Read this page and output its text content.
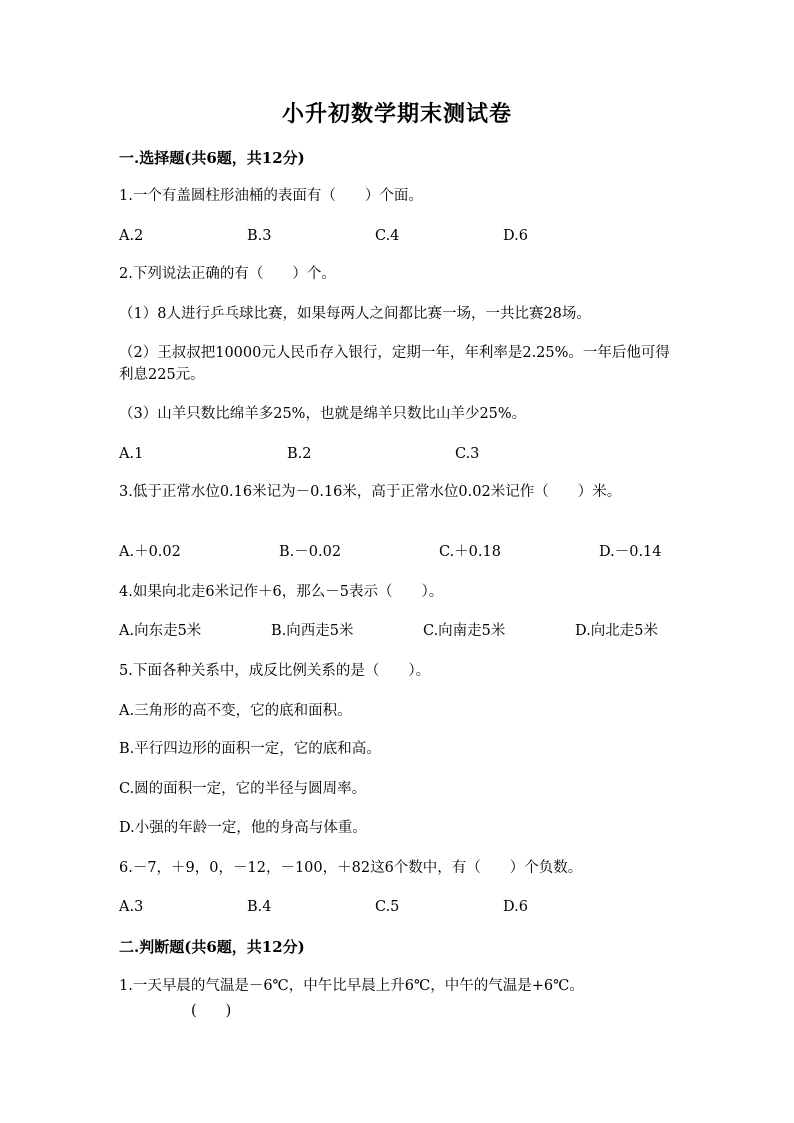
小升初数学期末测试卷
一.选择题(共6题，共12分)
1.一个有盖圆柱形油桶的表面有（　　）个面。
A.2	B.3	C.4	D.6
2.下列说法正确的有（　　）个。
（1）8人进行乒乓球比赛，如果每两人之间都比赛一场，一共比赛28场。
（2）王叔叔把10000元人民币存入银行，定期一年，年利率是2.25%。一年后他可得利息225元。
（3）山羊只数比绵羊多25%，也就是绵羊只数比山羊少25%。
A.1	B.2	C.3
3.低于正常水位0.16米记为－0.16米，高于正常水位0.02米记作（　　）米。
A.＋0.02	B.－0.02	C.＋0.18	D.－0.14
4.如果向北走6米记作＋6，那么－5表示（　　）。
A.向东走5米	B.向西走5米	C.向南走5米	D.向北走5米
5.下面各种关系中，成反比例关系的是（　　）。
A.三角形的高不变，它的底和面积。
B.平行四边形的面积一定，它的底和高。
C.圆的面积一定，它的半径与圆周率。
D.小强的年龄一定，他的身高与体重。
6.－7，＋9，0，－12，－100，＋82这6个数中，有（　　）个负数。
A.3	B.4	C.5	D.6
二.判断题(共6题，共12分)
1.一天早晨的气温是－6℃，中午比早晨上升6℃，中午的气温是+6℃。
(　　)
